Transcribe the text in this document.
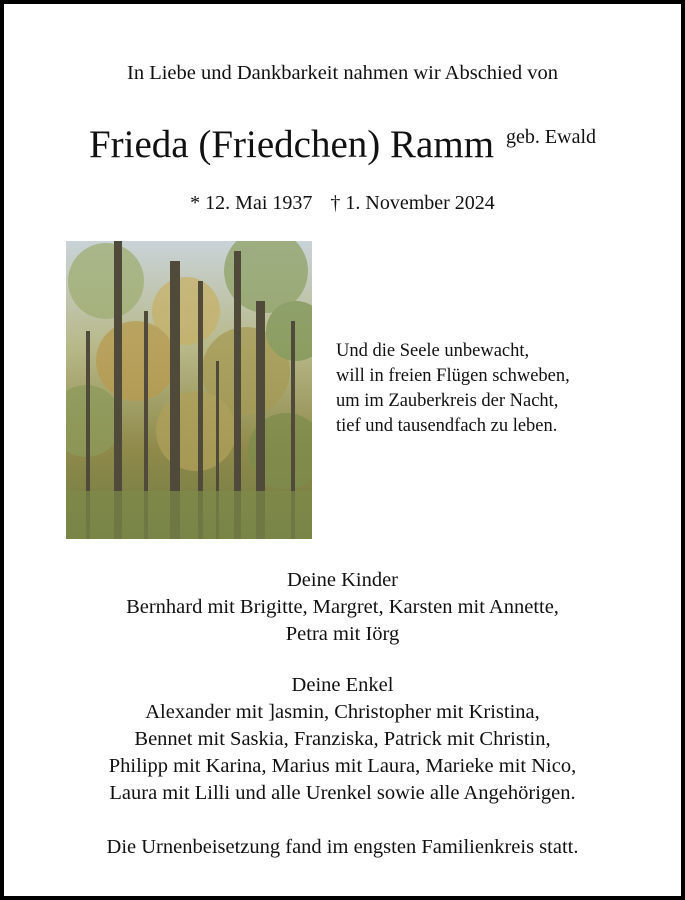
In Liebe und Dankbarkeit nahmen wir Abschied von
Frieda (Friedchen) Ramm geb. Ewald
* 12. Mai 1937 † 1. November 2024
Und die Seele unbewacht,
will in freien Flügen schweben,
um im Zauberkreis der Nacht,
tief und tausendfach zu leben.
Deine Kinder
Bernhard mit Brigitte, Margret, Karsten mit Annette,
Petra mit Iörg
Deine Enkel
Alexander mit ]asmin, Christopher mit Kristina,
Bennet mit Saskia, Franziska, Patrick mit Christin,
Philipp mit Karina, Marius mit Laura, Marieke mit Nico,
Laura mit Lilli und alle Urenkel sowie alle Angehörigen.
Die Urnenbeisetzung fand im engsten Familienkreis statt.
